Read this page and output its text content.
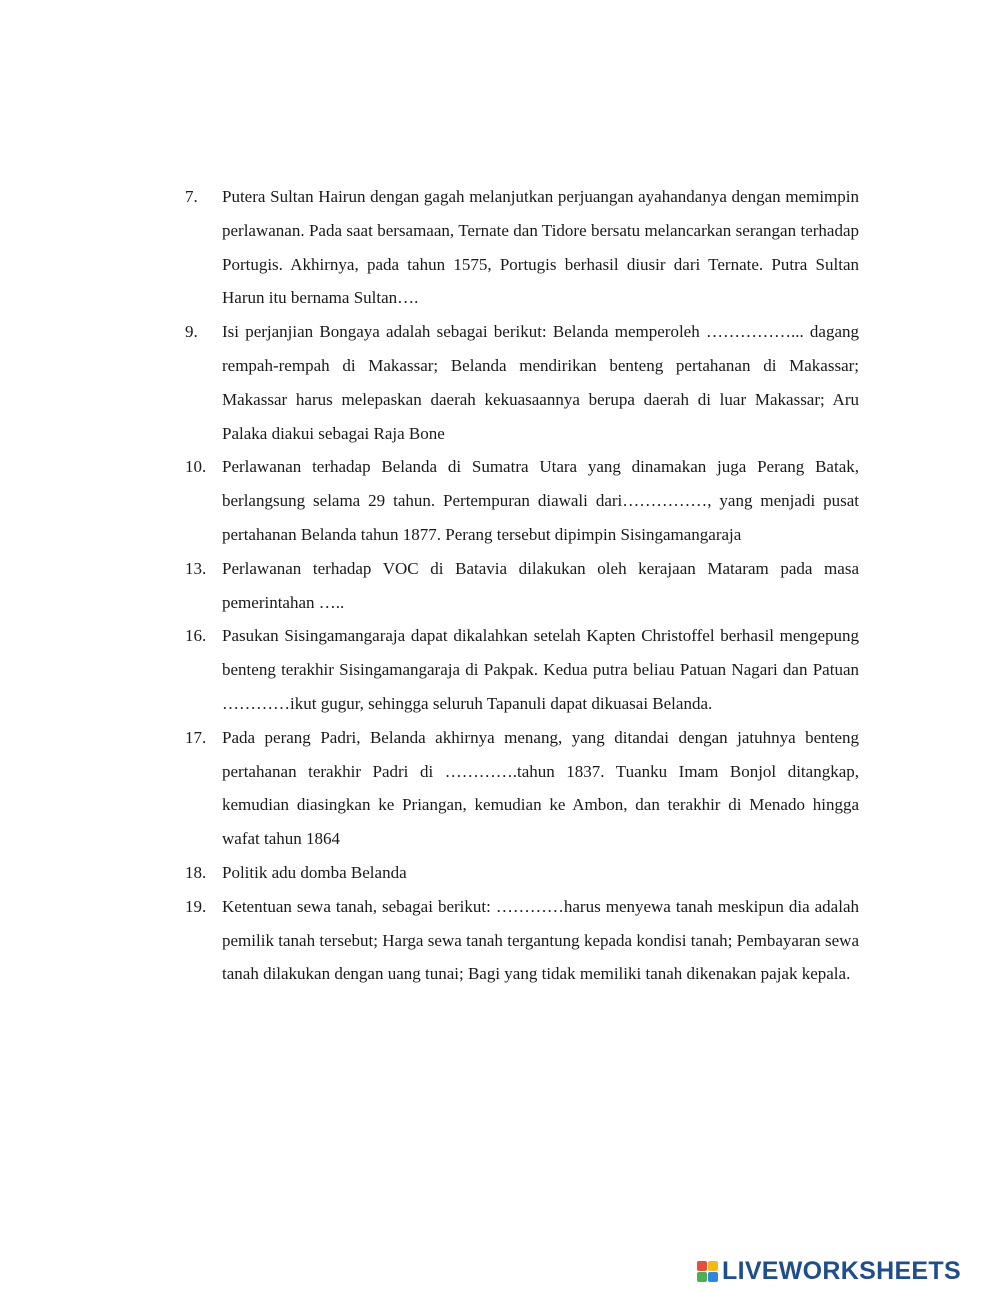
7.	Putera Sultan Hairun dengan gagah melanjutkan perjuangan ayahandanya dengan memimpin perlawanan. Pada saat bersamaan, Ternate dan Tidore bersatu melancarkan serangan terhadap Portugis. Akhirnya, pada tahun 1575, Portugis berhasil diusir dari Ternate. Putra Sultan Harun itu bernama Sultan….
9.	Isi perjanjian Bongaya adalah sebagai berikut: Belanda memperoleh ……………... dagang rempah-rempah di Makassar; Belanda mendirikan benteng pertahanan di Makassar; Makassar harus melepaskan daerah kekuasaannya berupa daerah di luar Makassar; Aru Palaka diakui sebagai Raja Bone
10. Perlawanan terhadap Belanda di Sumatra Utara yang dinamakan juga Perang Batak, berlangsung selama 29 tahun. Pertempuran diawali dari……………, yang menjadi pusat pertahanan Belanda tahun 1877. Perang tersebut dipimpin Sisingamangaraja
13. Perlawanan terhadap VOC di Batavia dilakukan oleh kerajaan Mataram pada masa pemerintahan …..
16. Pasukan Sisingamangaraja dapat dikalahkan setelah Kapten Christoffel berhasil mengepung benteng terakhir Sisingamangaraja di Pakpak. Kedua putra beliau Patuan Nagari dan Patuan …………ikut gugur, sehingga seluruh Tapanuli dapat dikuasai Belanda.
17. Pada perang Padri, Belanda akhirnya menang, yang ditandai dengan jatuhnya benteng pertahanan terakhir Padri di ………….tahun 1837. Tuanku Imam Bonjol ditangkap, kemudian diasingkan ke Priangan, kemudian ke Ambon, dan terakhir di Menado hingga wafat tahun 1864
18. Politik adu domba Belanda
19. Ketentuan sewa tanah, sebagai berikut: …………harus menyewa tanah meskipun dia adalah pemilik tanah tersebut; Harga sewa tanah tergantung kepada kondisi tanah; Pembayaran sewa tanah dilakukan dengan uang tunai; Bagi yang tidak memiliki tanah dikenakan pajak kepala.
LIVEWORKSHEETS
